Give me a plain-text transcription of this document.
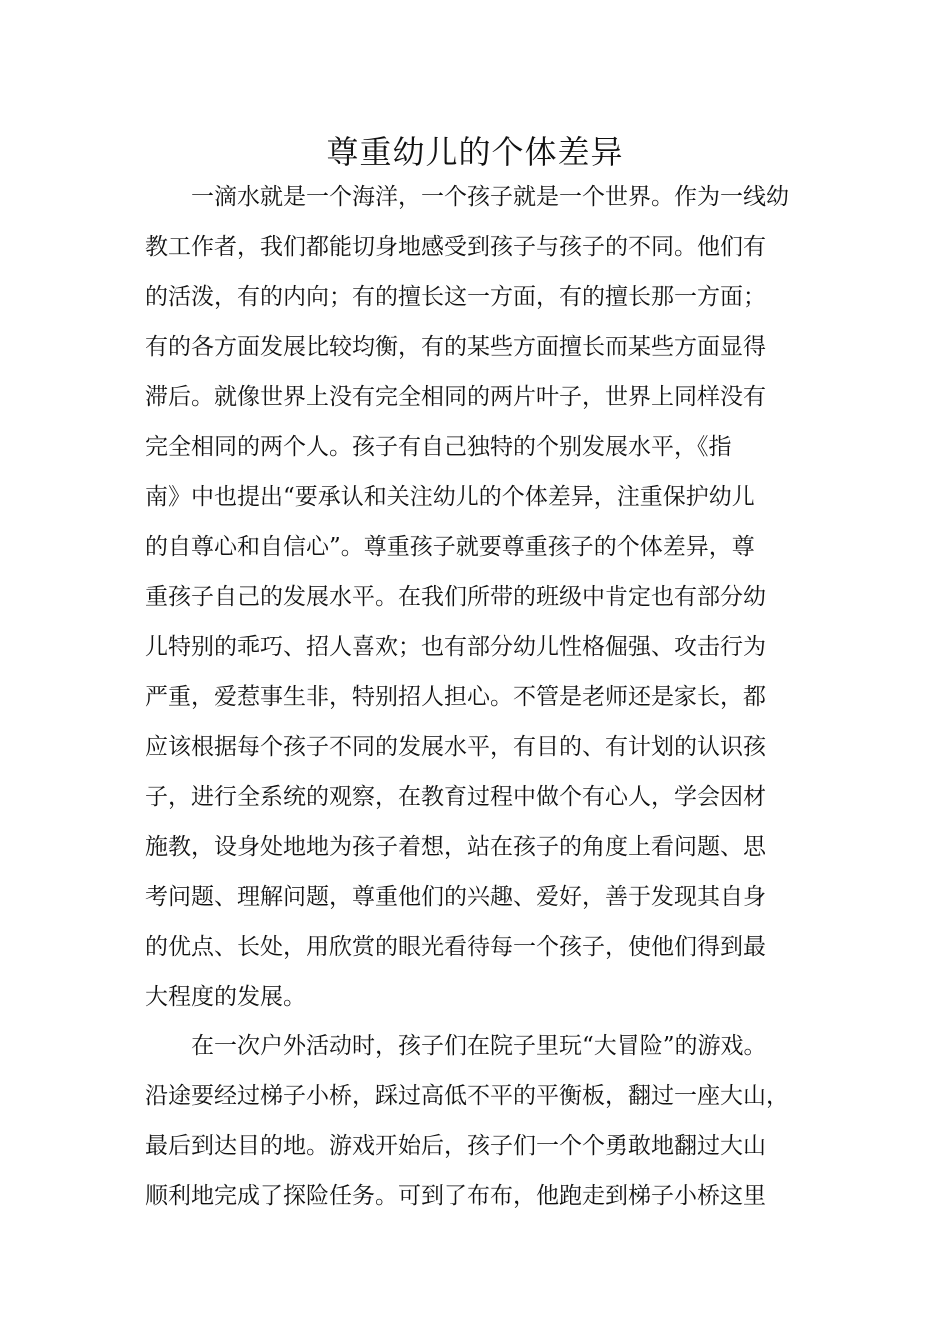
尊重幼儿的个体差异
　　一滴水就是一个海洋，一个孩子就是一个世界。作为一线幼
教工作者，我们都能切身地感受到孩子与孩子的不同。他们有
的活泼，有的内向；有的擅长这一方面，有的擅长那一方面；
有的各方面发展比较均衡，有的某些方面擅长而某些方面显得
滞后。就像世界上没有完全相同的两片叶子，世界上同样没有
完全相同的两个人。孩子有自己独特的个别发展水平，《指
南》中也提出“要承认和关注幼儿的个体差异，注重保护幼儿
的自尊心和自信心”。尊重孩子就要尊重孩子的个体差异，尊
重孩子自己的发展水平。在我们所带的班级中肯定也有部分幼
儿特别的乖巧、招人喜欢；也有部分幼儿性格倔强、攻击行为
严重，爱惹事生非，特别招人担心。不管是老师还是家长，都
应该根据每个孩子不同的发展水平，有目的、有计划的认识孩
子，进行全系统的观察，在教育过程中做个有心人，学会因材
施教，设身处地地为孩子着想，站在孩子的角度上看问题、思
考问题、理解问题，尊重他们的兴趣、爱好，善于发现其自身
的优点、长处，用欣赏的眼光看待每一个孩子，使他们得到最
大程度的发展。
　　在一次户外活动时，孩子们在院子里玩“大冒险”的游戏。
沿途要经过梯子小桥，踩过高低不平的平衡板，翻过一座大山，
最后到达目的地。游戏开始后，孩子们一个个勇敢地翻过大山
顺利地完成了探险任务。可到了布布，他跑走到梯子小桥这里
